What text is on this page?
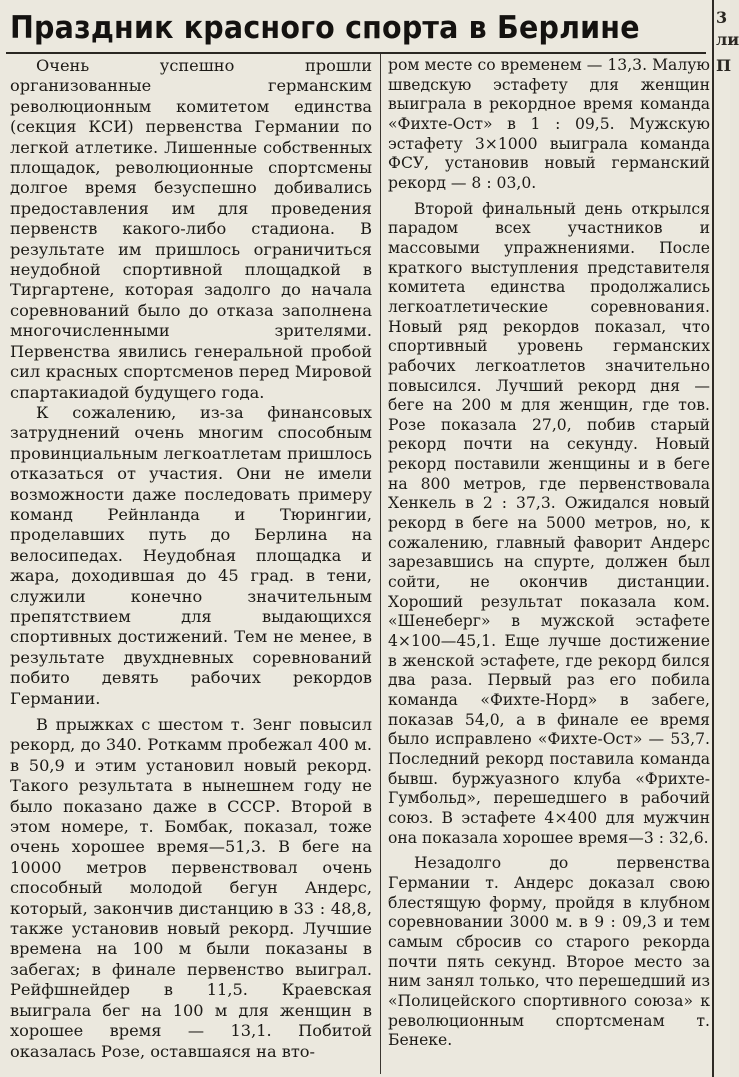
Праздник красного спорта в Берлине	3
ли
П

Очень успешно прошли организованные германским революционным комитетом единства (секция КСИ) первенства Германии по легкой атлетике. Лишенные собственных площадок, революционные спортсмены долгое время безуспешно добивались предоставления им для проведения первенств какого-либо стадиона. В результате им пришлось ограничиться неудобной спортивной площадкой в Тиргартене, которая задолго до начала соревнований было до отказа заполнена многочисленными зрителями. Первенства явились генеральной пробой сил красных спортсменов перед Мировой спартакиадой будущего года.

К сожалению, из-за финансовых затруднений очень многим способным провинциальным легкоатлетам пришлось отказаться от участия. Они не имели возможности даже последовать примеру команд Рейнланда и Тюрингии, проделавших путь до Берлина на велосипедах. Неудобная площадка и жара, доходившая до 45 град. в тени, служили конечно значительным препятствием для выдающихся спортивных достижений. Тем не менее, в результате двухдневных соревнований побито девять рабочих рекордов Германии.

В прыжках с шестом т. Зенг повысил рекорд, до 340. Роткамм пробежал 400 м. в 50,9 и этим установил новый рекорд. Такого результата в нынешнем году не было показано даже в СССР. Второй в этом номере, т. Бомбак, показал, тоже очень хорошее время—51,3. В беге на 10000 метров первенствовал очень способный молодой бегун Андерс, который, закончив дистанцию в 33 : 48,8, также установив новый рекорд. Лучшие времена на 100 м были показаны в забегах; в финале первенство выиграл. Рейфшнейдер в 11,5. Краевская выиграла бег на 100 м для женщин в хорошее время — 13,1. Побитой оказалась Розе, оставшаяся на вто-

ром месте со временем — 13,3. Малую шведскую эстафету для женщин выиграла в рекордное время команда «Фихте-Ост» в 1 : 09,5. Мужскую эстафету 3×1000 выиграла команда ФСУ, установив новый германский рекорд — 8 : 03,0.

Второй финальный день открылся парадом всех участников и массовыми упражнениями. После краткого выступления представителя комитета единства продолжались легкоатлетические соревнования. Новый ряд рекордов показал, что спортивный уровень германских рабочих легкоатлетов значительно повысился. Лучший рекорд дня — беге на 200 м для женщин, где тов. Розе показала 27,0, побив старый рекорд почти на секунду. Новый рекорд поставили женщины и в беге на 800 метров, где первенствовала Хенкель в 2 : 37,3. Ожидался новый рекорд в беге на 5000 метров, но, к сожалению, главный фаворит Андерс зарезавшись на спурте, должен был сойти, не окончив дистанции. Хороший результат показала ком. «Шенеберг» в мужской эстафете 4×100—45,1. Еще лучше достижение в женской эстафете, где рекорд бился два раза. Первый раз его побила команда «Фихте-Норд» в забеге, показав 54,0, а в финале ее время было исправлено «Фихте-Ост» — 53,7. Последний рекорд поставила команда бывш. буржуазного клуба «Фрихте-Гумбольд», перешедшего в рабочий союз. В эстафете 4×400 для мужчин она показала хорошее время—3 : 32,6.

Незадолго до первенства Германии т. Андерс доказал свою блестящую форму, пройдя в клубном соревновании 3000 м. в 9 : 09,3 и тем самым сбросив со старого рекорда почти пять секунд. Второе место за ним занял только, что перешедший из «Полицейского спортивного союза» к революционным спортсменам т. Бенеке.
